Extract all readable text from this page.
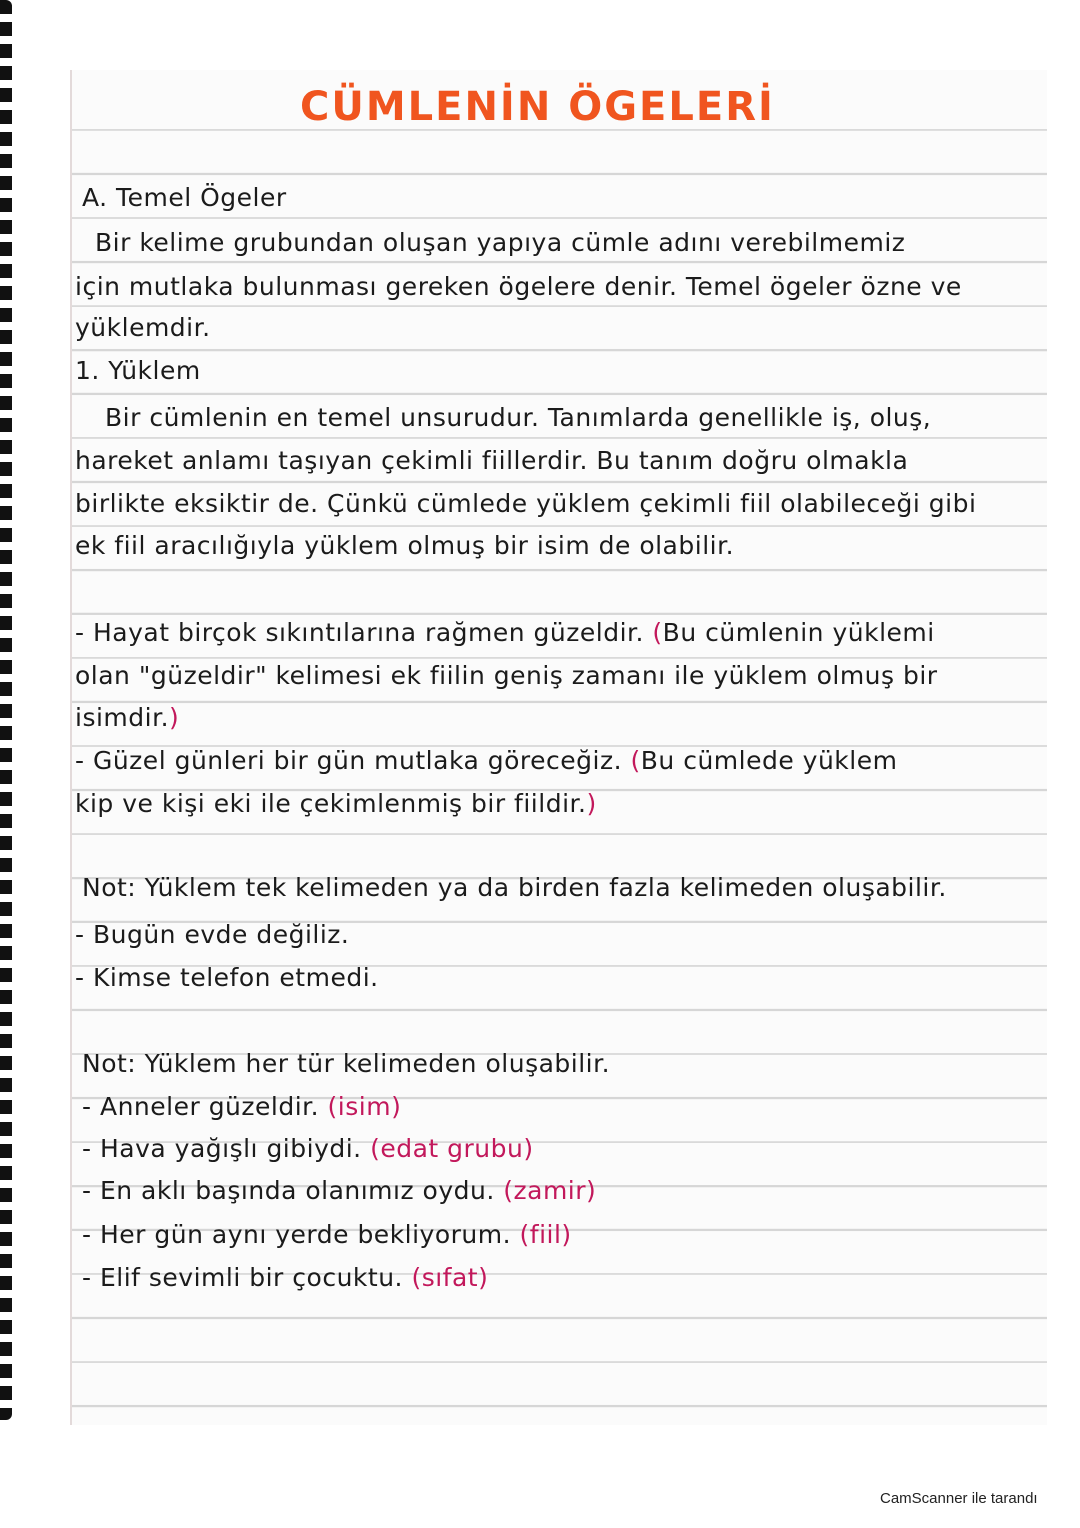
CÜMLENİN ÖGELERİ
A. Temel Ögeler
Bir kelime grubundan oluşan yapıya cümle adını verebilmemiz
için mutlaka bulunması gereken ögelere denir. Temel ögeler özne ve
yüklemdir.
1. Yüklem
Bir cümlenin en temel unsurudur. Tanımlarda genellikle iş, oluş,
hareket anlamı taşıyan çekimli fiillerdir. Bu tanım doğru olmakla
birlikte eksiktir de. Çünkü cümlede yüklem çekimli fiil olabileceği gibi
ek fiil aracılığıyla yüklem olmuş bir isim de olabilir.
- Hayat birçok sıkıntılarına rağmen güzeldir. (Bu cümlenin yüklemi
olan "güzeldir" kelimesi ek fiilin geniş zamanı ile yüklem olmuş bir
isimdir.)
- Güzel günleri bir gün mutlaka göreceğiz. (Bu cümlede yüklem
kip ve kişi eki ile çekimlenmiş bir fiildir.)
Not: Yüklem tek kelimeden ya da birden fazla kelimeden oluşabilir.
- Bugün evde değiliz.
- Kimse telefon etmedi.
Not: Yüklem her tür kelimeden oluşabilir.
- Anneler güzeldir. (isim)
- Hava yağışlı gibiydi. (edat grubu)
- En aklı başında olanımız oydu. (zamir)
- Her gün aynı yerde bekliyorum. (fiil)
- Elif sevimli bir çocuktu. (sıfat)
CamScanner ile tarandı
